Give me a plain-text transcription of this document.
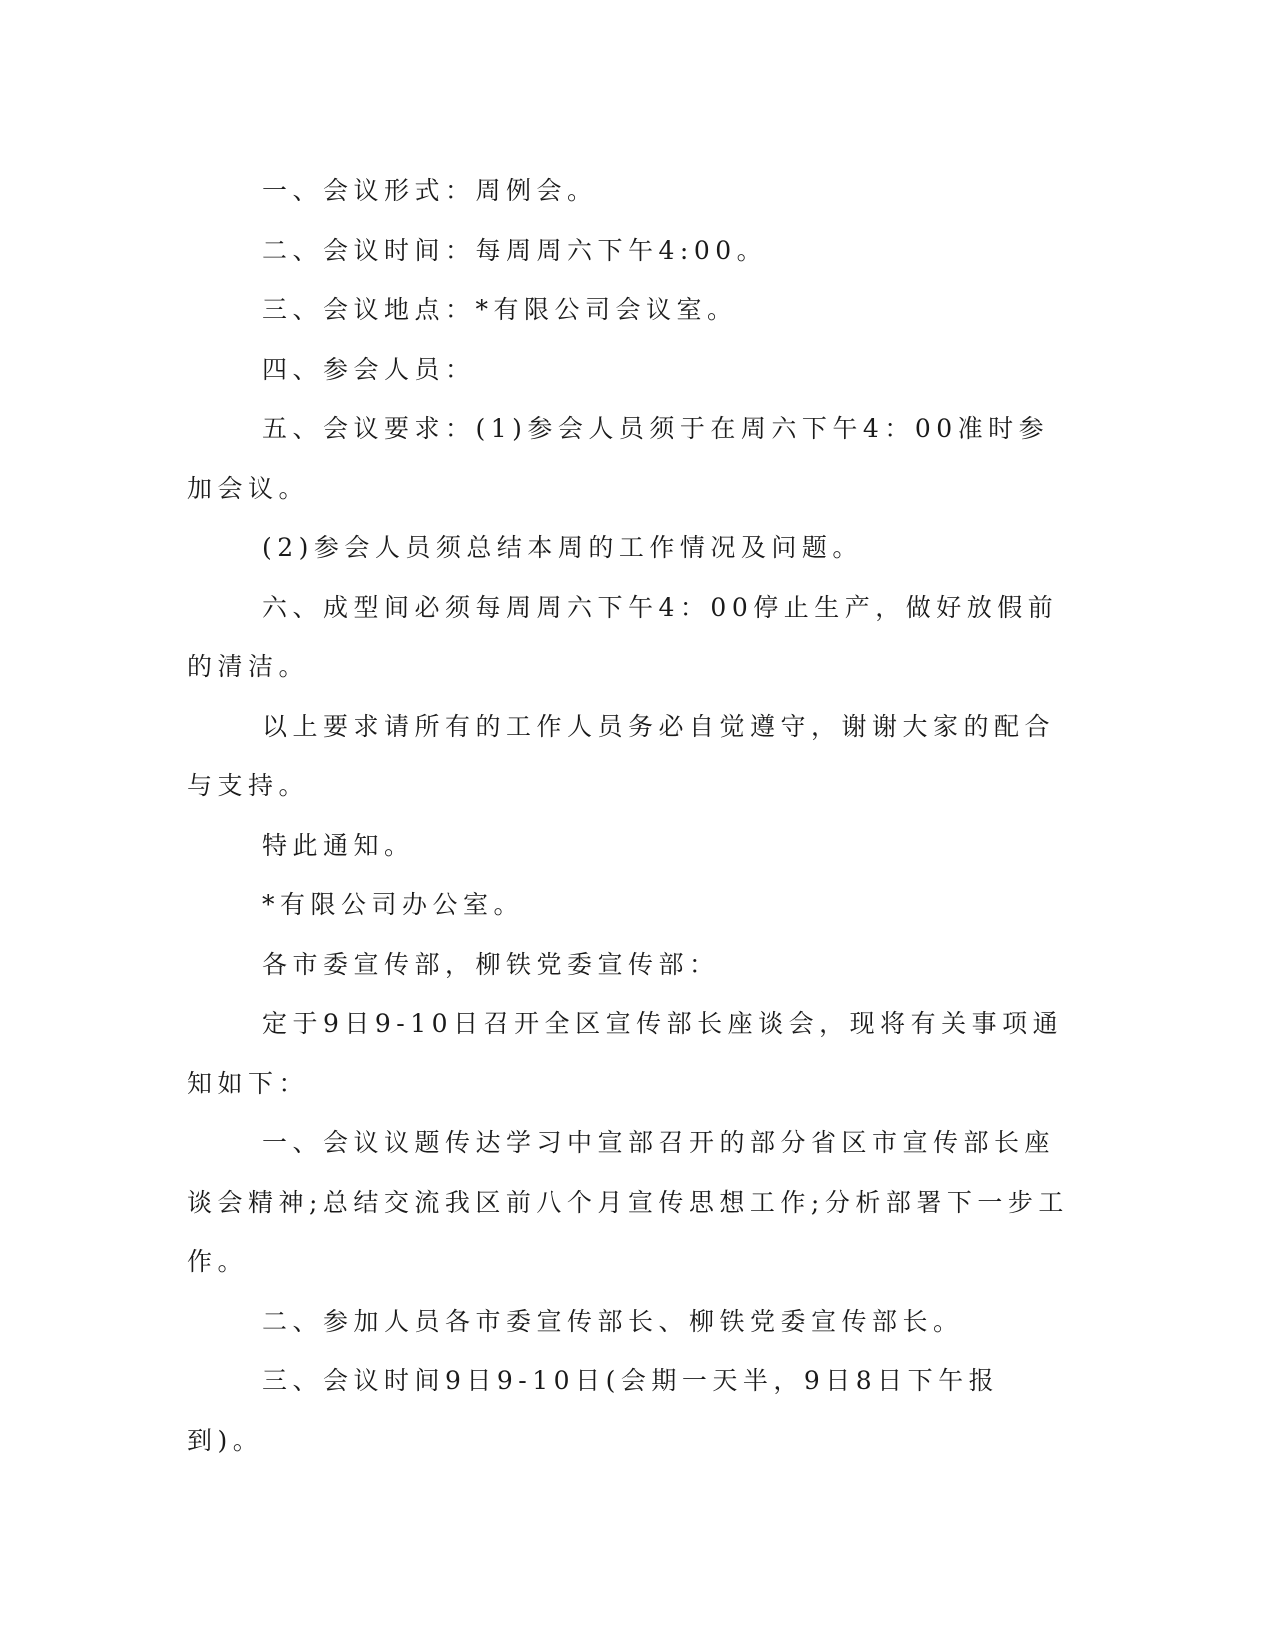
一、会议形式：周例会。

二、会议时间：每周周六下午4:00。

三、会议地点：*有限公司会议室。

四、参会人员：

五、会议要求：(1)参会人员须于在周六下午4：00准时参加会议。

(2)参会人员须总结本周的工作情况及问题。

六、成型间必须每周周六下午4：00停止生产，做好放假前的清洁。

以上要求请所有的工作人员务必自觉遵守，谢谢大家的配合与支持。

特此通知。

*有限公司办公室。

各市委宣传部，柳铁党委宣传部：

定于9日9-10日召开全区宣传部长座谈会，现将有关事项通知如下：

一、会议议题传达学习中宣部召开的部分省区市宣传部长座谈会精神;总结交流我区前八个月宣传思想工作;分析部署下一步工作。

二、参加人员各市委宣传部长、柳铁党委宣传部长。

三、会议时间9日9-10日(会期一天半，9日8日下午报到)。
